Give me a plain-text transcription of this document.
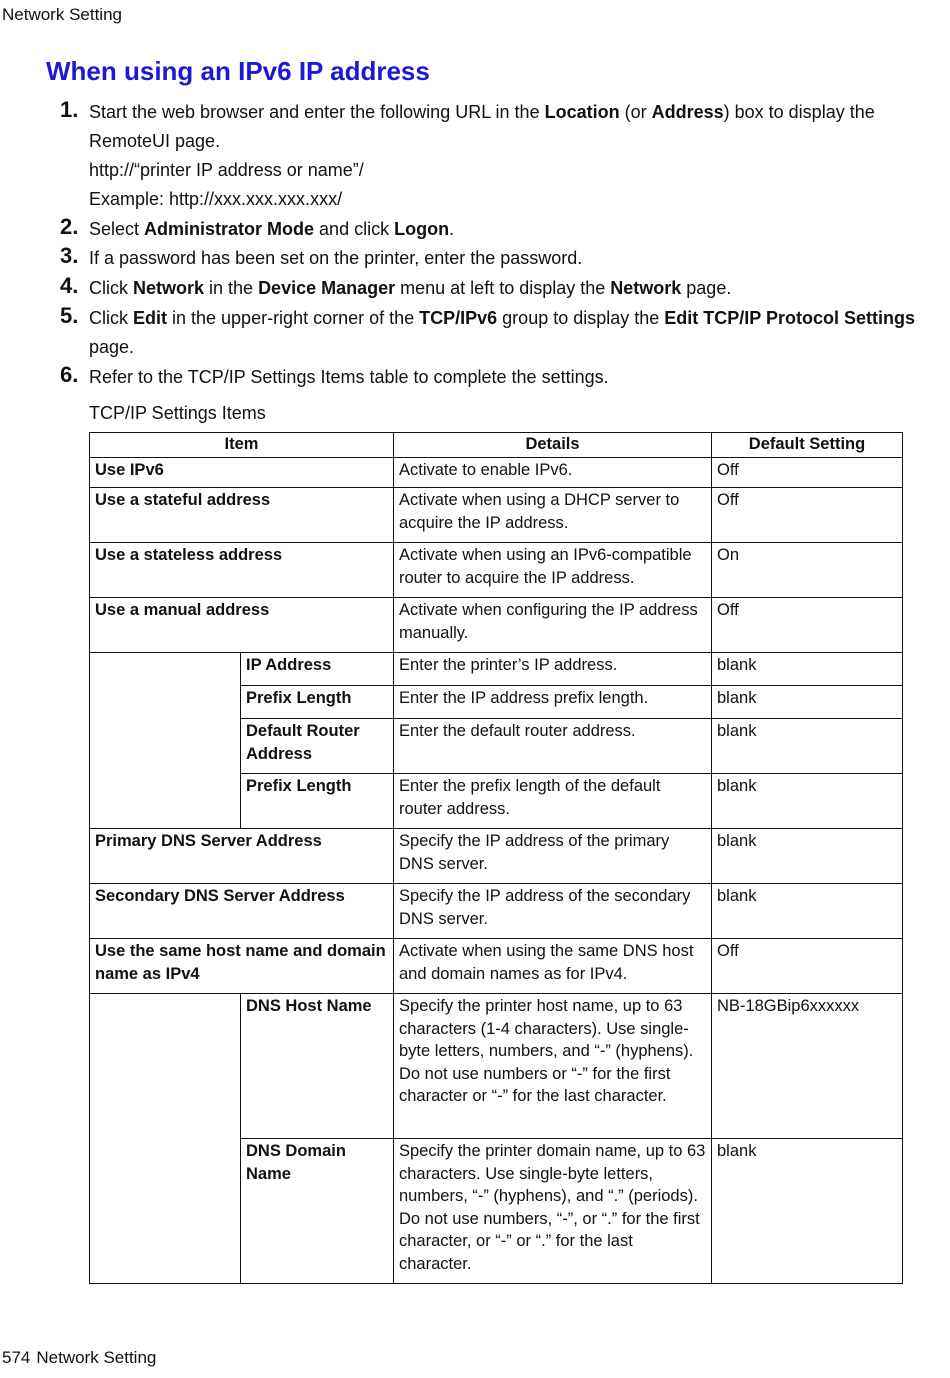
Network Setting
When using an IPv6 IP address
1. Start the web browser and enter the following URL in the Location (or Address) box to display the RemoteUI page.
http://“printer IP address or name”/
Example: http://xxx.xxx.xxx.xxx/
2. Select Administrator Mode and click Logon.
3. If a password has been set on the printer, enter the password.
4. Click Network in the Device Manager menu at left to display the Network page.
5. Click Edit in the upper-right corner of the TCP/IPv6 group to display the Edit TCP/IP Protocol Settings page.
6. Refer to the TCP/IP Settings Items table to complete the settings.
TCP/IP Settings Items
Item		Details	Default Setting
Use IPv6		Activate to enable IPv6.	Off
Use a stateful address		Activate when using a DHCP server to acquire the IP address.	Off
Use a stateless address		Activate when using an IPv6-compatible router to acquire the IP address.	On
Use a manual address		Activate when configuring the IP address manually.	Off
	IP Address	Enter the printer’s IP address.	blank
	Prefix Length	Enter the IP address prefix length.	blank
	Default Router Address	Enter the default router address.	blank
	Prefix Length	Enter the prefix length of the default router address.	blank
Primary DNS Server Address		Specify the IP address of the primary DNS server.	blank
Secondary DNS Server Address		Specify the IP address of the secondary DNS server.	blank
Use the same host name and domain name as IPv4		Activate when using the same DNS host and domain names as for IPv4.	Off
	DNS Host Name	Specify the printer host name, up to 63 characters (1-4 characters). Use single-byte letters, numbers, and “-” (hyphens). Do not use numbers or “-” for the first character or “-” for the last character.	NB-18GBip6xxxxxx
	DNS Domain Name	Specify the printer domain name, up to 63 characters. Use single-byte letters, numbers, “-” (hyphens), and “.” (periods). Do not use numbers, “-”, or “.” for the first character, or “-” or “.” for the last character.	blank
574 Network Setting
